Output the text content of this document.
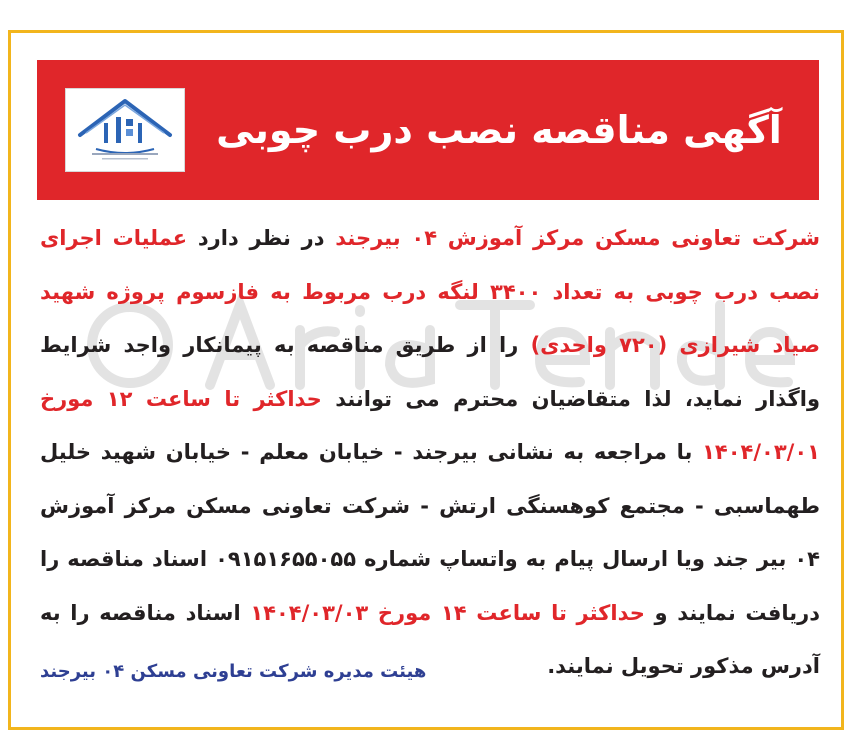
آگهی مناقصه نصب درب چوبی

شرکت تعاونی مسکن مرکز آموزش ۰۴ بیرجند در نظر دارد عملیات اجرای نصب درب چوبی به تعداد ۳۴۰۰ لنگه درب مربوط به فازسوم پروژه شهید صیاد شیرازی (۷۲۰ واحدی) را از طریق مناقصه به پیمانکار واجد شرایط واگذار نماید، لذا متقاضیان محترم می توانند حداکثر تا ساعت ۱۲ مورخ ۱۴۰۴/۰۳/۰۱ با مراجعه به نشانی بیرجند - خیابان معلم - خیابان شهید خلیل طهماسبی - مجتمع کوهسنگی ارتش - شرکت تعاونی مسکن مرکز آموزش ۰۴ بیر جند ویا ارسال پیام به واتساپ شماره ۰۹۱۵۱۶۵۵۰۵۵ اسناد مناقصه را دریافت نمایند و حداکثر تا ساعت ۱۴ مورخ ۱۴۰۴/۰۳/۰۳ اسناد مناقصه را به آدرس مذکور تحویل نمایند.

هیئت مدیره شرکت تعاونی مسکن ۰۴ بیرجند
